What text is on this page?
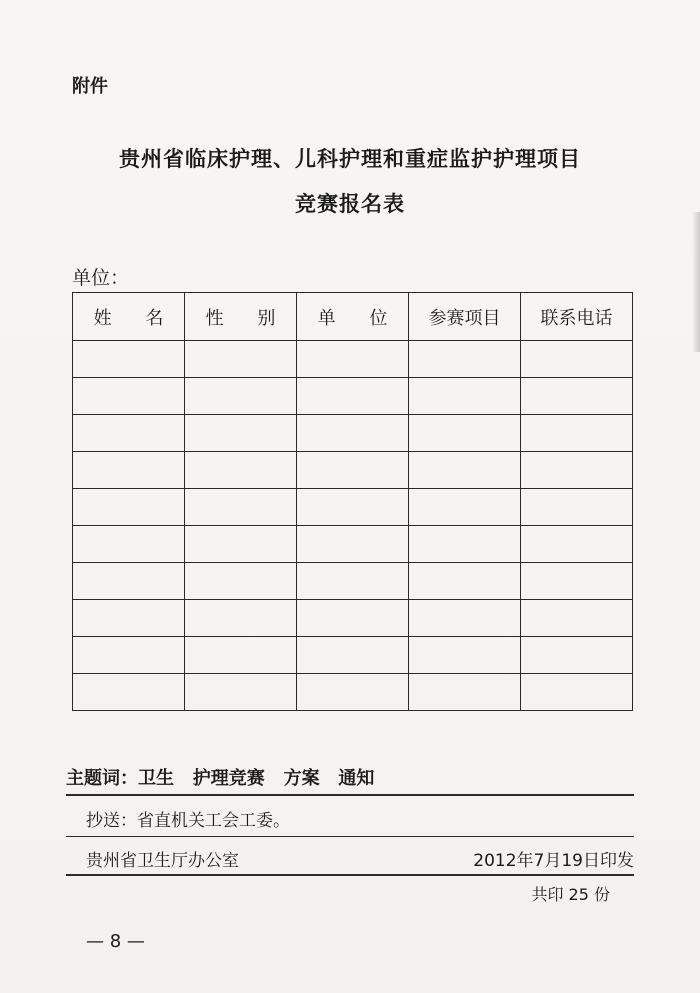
附件
贵州省临床护理、儿科护理和重症监护护理项目
竞赛报名表
单位：
姓 名	性 别	单 位	参赛项目	联系电话

主题词：卫生   护理竞赛   方案   通知
抄送：省直机关工会工委。
贵州省卫生厅办公室	2012年7月19日印发
共印 25 份
— 8 —
